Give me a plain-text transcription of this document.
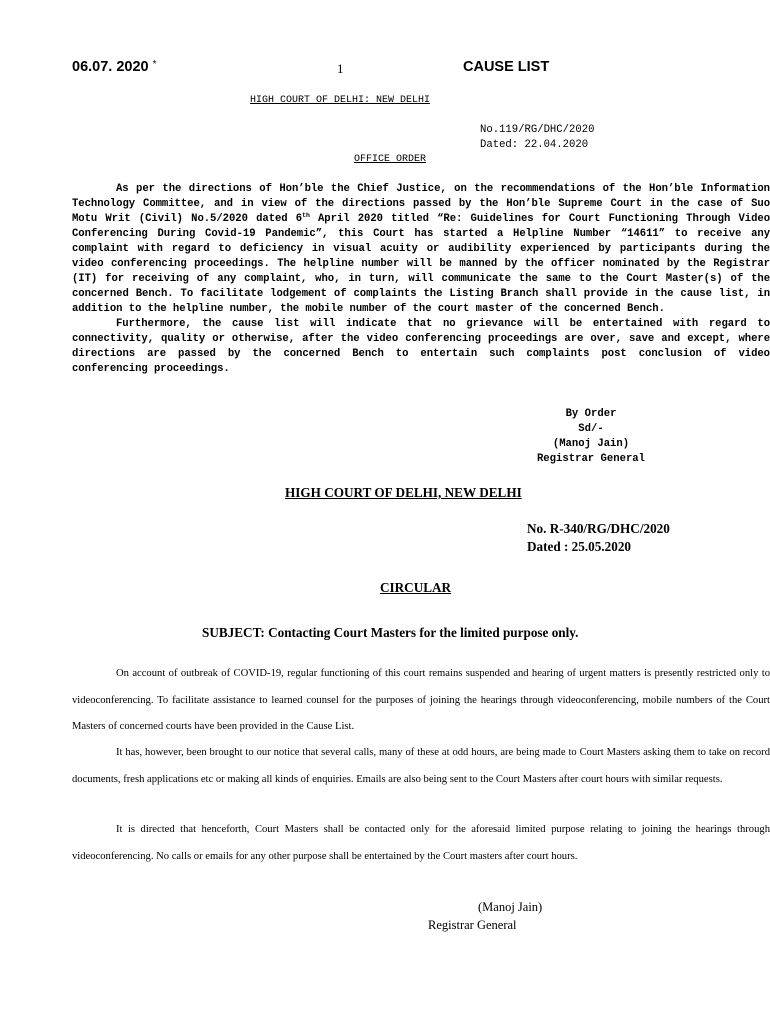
06.07. 2020 *	1	CAUSE LIST
HIGH COURT OF DELHI: NEW DELHI
No.119/RG/DHC/2020
Dated: 22.04.2020
OFFICE ORDER

As per the directions of Hon’ble the Chief Justice, on the recommendations of the Hon’ble Information Technology Committee, and in view of the directions passed by the Hon’ble Supreme Court in the case of Suo Motu Writ (Civil) No.5/2020 dated 6th April 2020 titled “Re: Guidelines for Court Functioning Through Video Conferencing During Covid-19 Pandemic”, this Court has started a Helpline Number “14611” to receive any complaint with regard to deficiency in visual acuity or audibility experienced by participants during the video conferencing proceedings. The helpline number will be manned by the officer nominated by the Registrar (IT) for receiving of any complaint, who, in turn, will communicate the same to the Court Master(s) of the concerned Bench. To facilitate lodgement of complaints the Listing Branch shall provide in the cause list, in addition to the helpline number, the mobile number of the court master of the concerned Bench.

Furthermore, the cause list will indicate that no grievance will be entertained with regard to connectivity, quality or otherwise, after the video conferencing proceedings are over, save and except, where directions are passed by the concerned Bench to entertain such complaints post conclusion of video conferencing proceedings.

By Order
Sd/-
(Manoj Jain)
Registrar General
HIGH COURT OF DELHI, NEW DELHI
No. R-340/RG/DHC/2020
Dated : 25.05.2020
CIRCULAR
SUBJECT: Contacting Court Masters for the limited purpose only.

On account of outbreak of COVID-19, regular functioning of this court remains suspended and hearing of urgent matters is presently restricted only to videoconferencing. To facilitate assistance to learned counsel for the purposes of joining the hearings through videoconferencing, mobile numbers of the Court Masters of concerned courts have been provided in the Cause List.

It has, however, been brought to our notice that several calls, many of these at odd hours, are being made to Court Masters asking them to take on record documents, fresh applications etc or making all kinds of enquiries. Emails are also being sent to the Court Masters after court hours with similar requests.

It is directed that henceforth, Court Masters shall be contacted only for the aforesaid limited purpose relating to joining the hearings through videoconferencing. No calls or emails for any other purpose shall be entertained by the Court masters after court hours.

(Manoj Jain)
Registrar General
